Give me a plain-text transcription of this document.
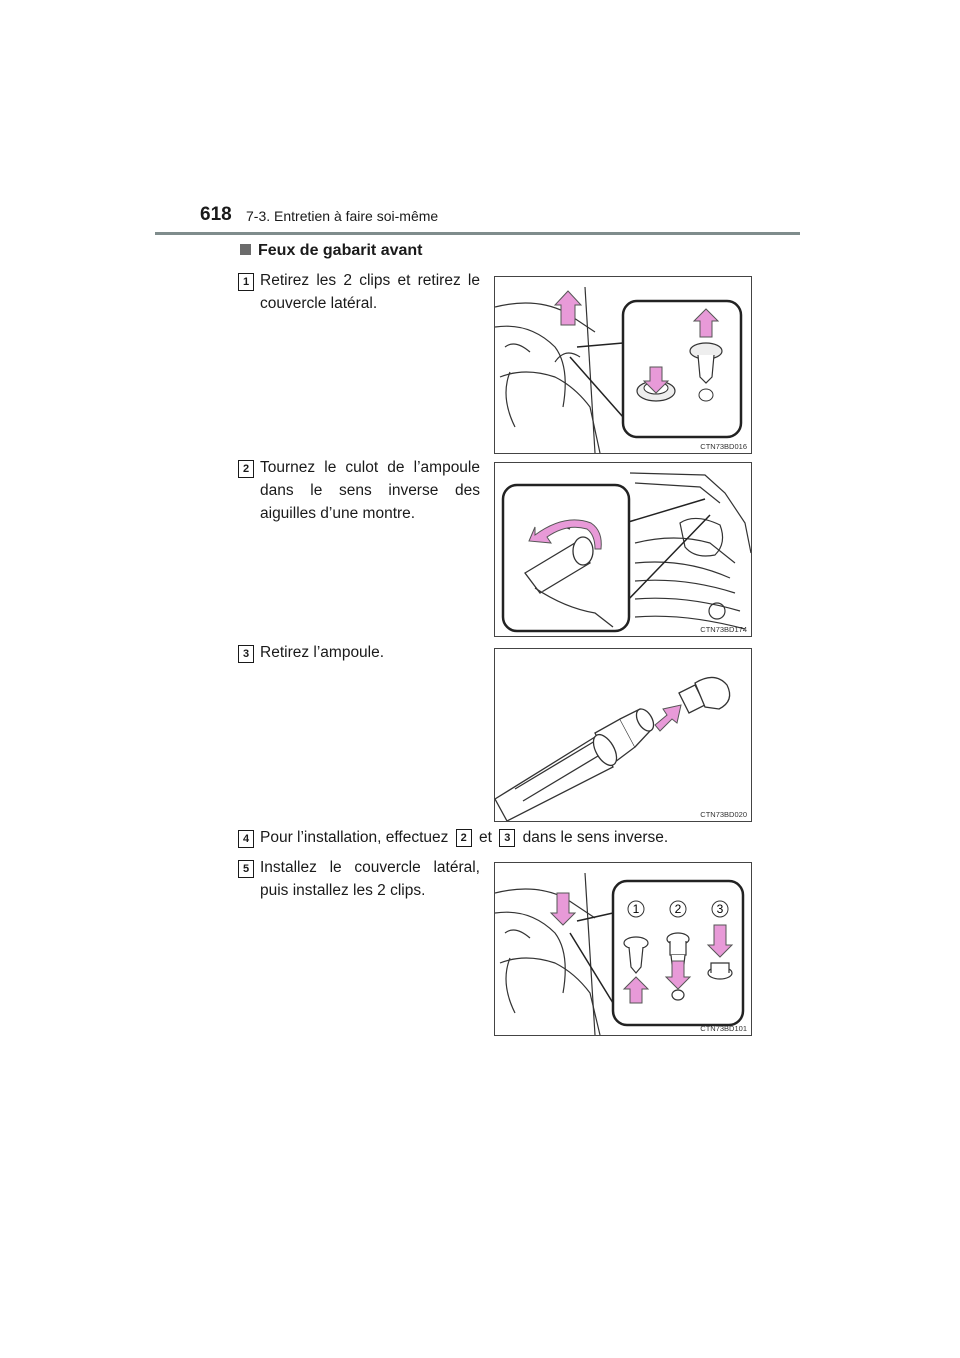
618 7-3. Entretien à faire soi-même
Feux de gabarit avant
1 Retirez les 2 clips et retirez le couvercle latéral.
CTN73BD016
2 Tournez le culot de l’ampoule dans le sens inverse des aiguilles d’une montre.
CTN73BD174
3 Retirez l’ampoule.
CTN73BD020
4 Pour l’installation, effectuez 2 et 3 dans le sens inverse.
5 Installez le couvercle latéral, puis installez les 2 clips.
1	2	3
CTN73BD101
